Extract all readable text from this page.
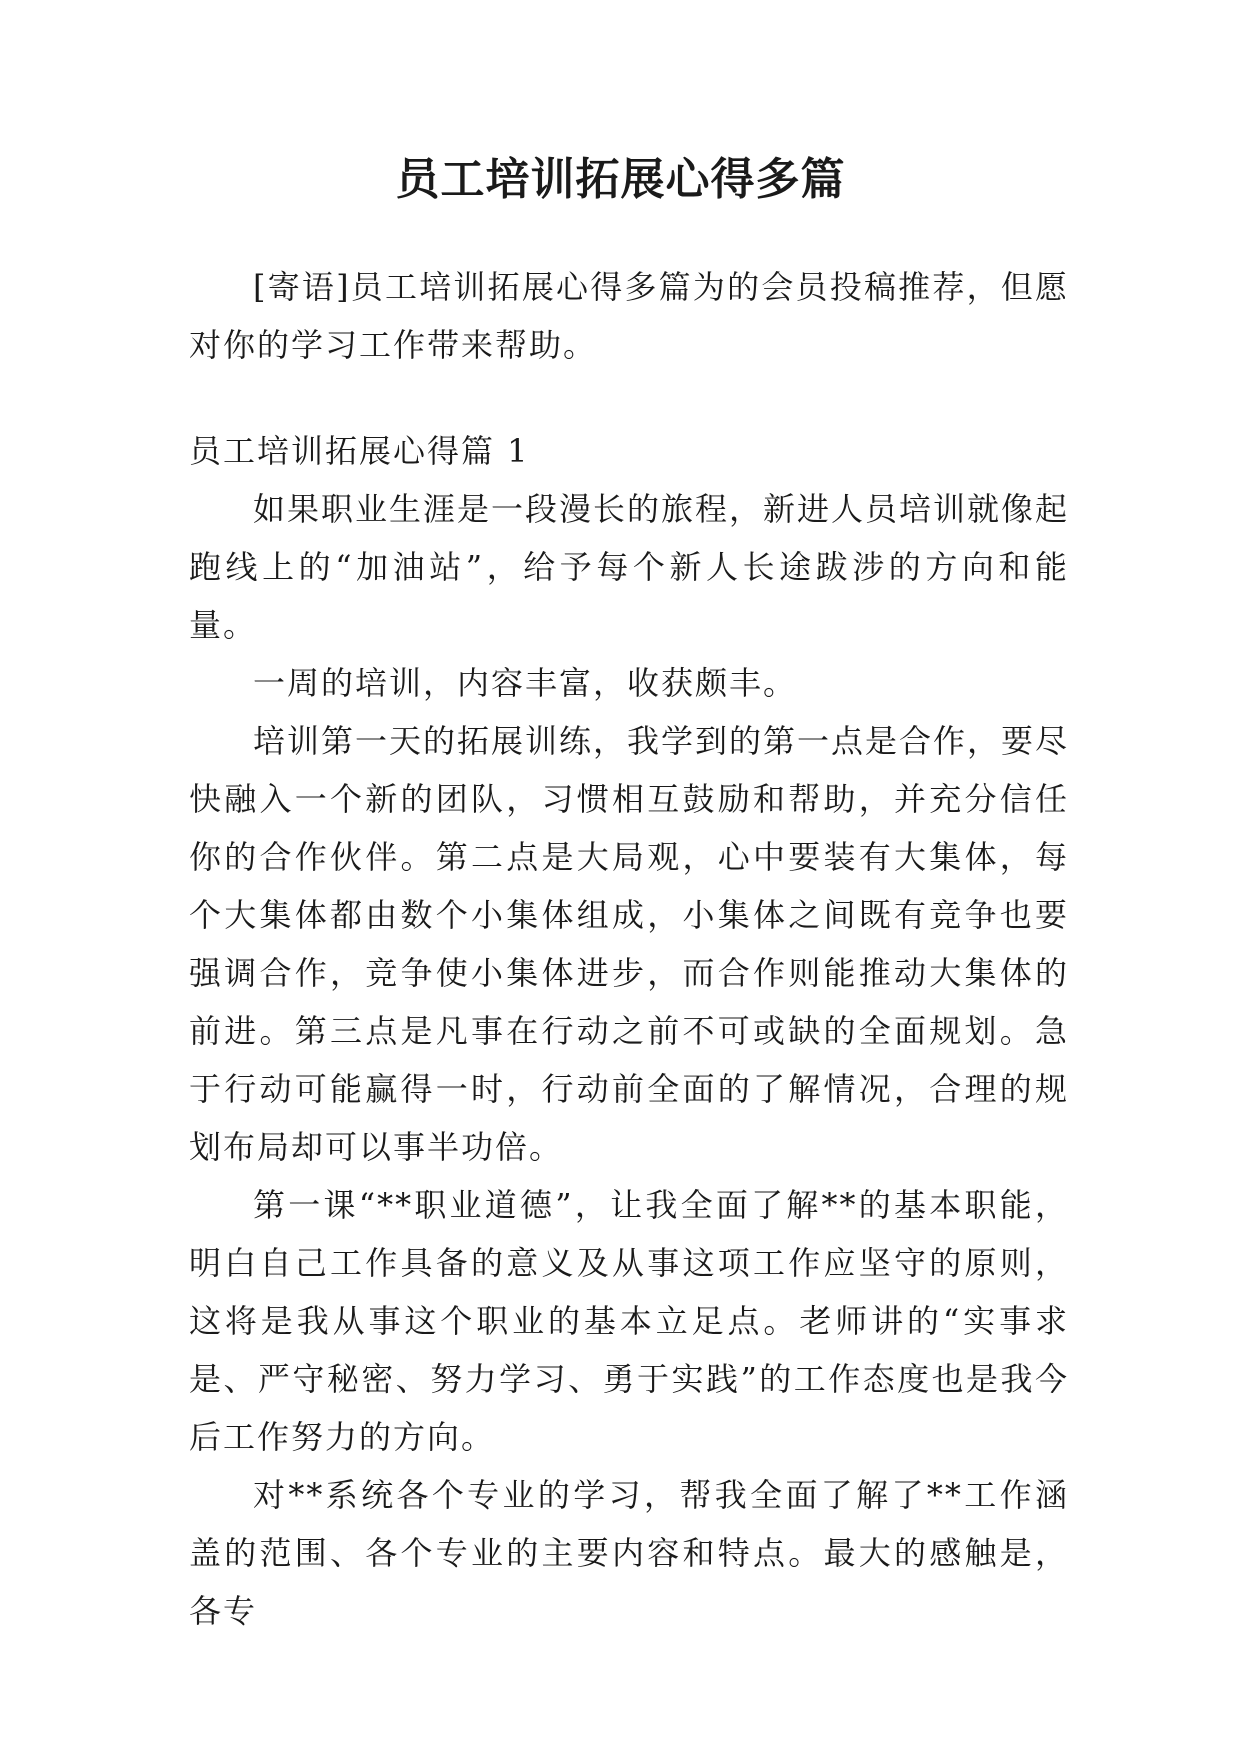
员工培训拓展心得多篇

[寄语]员工培训拓展心得多篇为的会员投稿推荐，但愿对你的学习工作带来帮助。

员工培训拓展心得篇 1

如果职业生涯是一段漫长的旅程，新进人员培训就像起跑线上的“加油站”，给予每个新人长途跋涉的方向和能量。

一周的培训，内容丰富，收获颇丰。

培训第一天的拓展训练，我学到的第一点是合作，要尽快融入一个新的团队，习惯相互鼓励和帮助，并充分信任你的合作伙伴。第二点是大局观，心中要装有大集体，每个大集体都由数个小集体组成，小集体之间既有竞争也要强调合作，竞争使小集体进步，而合作则能推动大集体的前进。第三点是凡事在行动之前不可或缺的全面规划。急于行动可能赢得一时，行动前全面的了解情况，合理的规划布局却可以事半功倍。

第一课“**职业道德”，让我全面了解**的基本职能，明白自己工作具备的意义及从事这项工作应坚守的原则，这将是我从事这个职业的基本立足点。老师讲的“实事求是、严守秘密、努力学习、勇于实践”的工作态度也是我今后工作努力的方向。

对**系统各个专业的学习，帮我全面了解了**工作涵盖的范围、各个专业的主要内容和特点。最大的感触是，各专
